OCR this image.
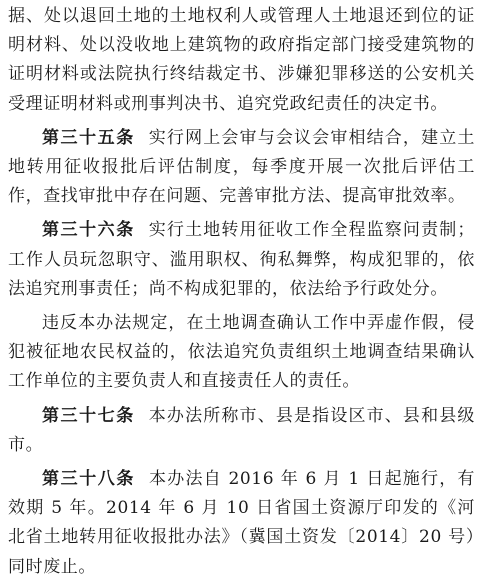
据、处以退回土地的土地权利人或管理人土地退还到位的证明材料、处以没收地上建筑物的政府指定部门接受建筑物的证明材料或法院执行终结裁定书、涉嫌犯罪移送的公安机关受理证明材料或刑事判决书、追究党政纪责任的决定书。

第三十五条 实行网上会审与会议会审相结合，建立土地转用征收报批后评估制度，每季度开展一次批后评估工作，查找审批中存在问题、完善审批方法、提高审批效率。

第三十六条 实行土地转用征收工作全程监察问责制；工作人员玩忽职守、滥用职权、徇私舞弊，构成犯罪的，依法追究刑事责任；尚不构成犯罪的，依法给予行政处分。

违反本办法规定，在土地调查确认工作中弄虚作假，侵犯被征地农民权益的，依法追究负责组织土地调查结果确认工作单位的主要负责人和直接责任人的责任。

第三十七条 本办法所称市、县是指设区市、县和县级市。

第三十八条 本办法自 2016 年 6 月 1 日起施行，有效期 5 年。2014 年 6 月 10 日省国土资源厅印发的《河北省土地转用征收报批办法》（冀国土资发〔2014〕20 号）同时废止。
